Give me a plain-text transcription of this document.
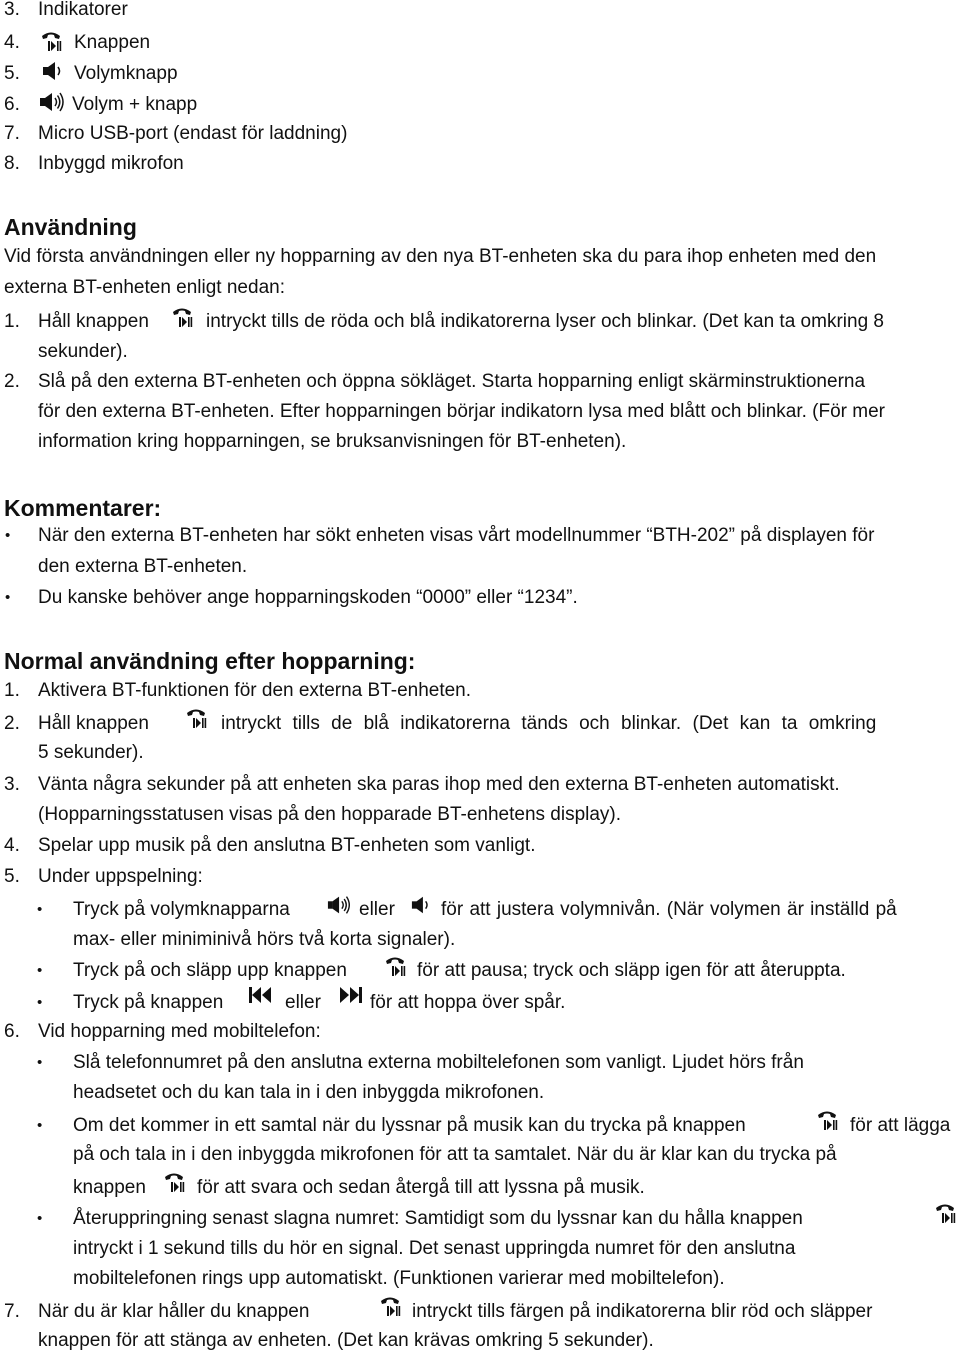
3. Indikatorer
4.	Knappen
5.	Volymknapp
6.	Volym + knapp
7. Micro USB-port (endast för laddning)
8. Inbyggd mikrofon
Användning
Vid första användningen eller ny hopparning av den nya BT-enheten ska du para ihop enheten med den
externa BT-enheten enligt nedan:
1. Håll knappen	intryckt tills de röda och blå indikatorerna lyser och blinkar. (Det kan ta omkring 8
sekunder).
2. Slå på den externa BT-enheten och öppna sökläget. Starta hopparning enligt skärminstruktionerna
för den externa BT-enheten. Efter hopparningen börjar indikatorn lysa med blått och blinkar. (För mer
information kring hopparningen, se bruksanvisningen för BT-enheten).
Kommentarer:
• När den externa BT-enheten har sökt enheten visas vårt modellnummer “BTH-202” på displayen för
den externa BT-enheten.
• Du kanske behöver ange hopparningskoden “0000” eller “1234”.
Normal användning efter hopparning:
1. Aktivera BT-funktionen för den externa BT-enheten.
2. Håll knappen	intryckt tills de blå indikatorerna tänds och blinkar. (Det kan ta omkring
5 sekunder).
3. Vänta några sekunder på att enheten ska paras ihop med den externa BT-enheten automatiskt.
(Hopparningsstatusen visas på den hopparade BT-enhetens display).
4. Spelar upp musik på den anslutna BT-enheten som vanligt.
5. Under uppspelning:
• Tryck på volymknapparna	eller för att justera volymnivån. (När volymen är inställd på
max- eller miniminivå hörs två korta signaler).
• Tryck på och släpp upp knappen	för att pausa; tryck och släpp igen för att återuppta.
• Tryck på knappen	eller	för att hoppa över spår.
6. Vid hopparning med mobiltelefon:
• Slå telefonnumret på den anslutna externa mobiltelefonen som vanligt. Ljudet hörs från
headsetet och du kan tala in i den inbyggda mikrofonen.
• Om det kommer in ett samtal när du lyssnar på musik kan du trycka på knappen	för att lägga
på och tala in i den inbyggda mikrofonen för att ta samtalet. När du är klar kan du trycka på
knappen	för att svara och sedan återgå till att lyssna på musik.
• Återuppringning senast slagna numret: Samtidigt som du lyssnar kan du hålla knappen
intryckt i 1 sekund tills du hör en signal. Det senast uppringda numret för den anslutna
mobiltelefonen rings upp automatiskt. (Funktionen varierar med mobiltelefon).
7. När du är klar håller du knappen	intryckt tills färgen på indikatorerna blir röd och släpper
knappen för att stänga av enheten. (Det kan krävas omkring 5 sekunder).
